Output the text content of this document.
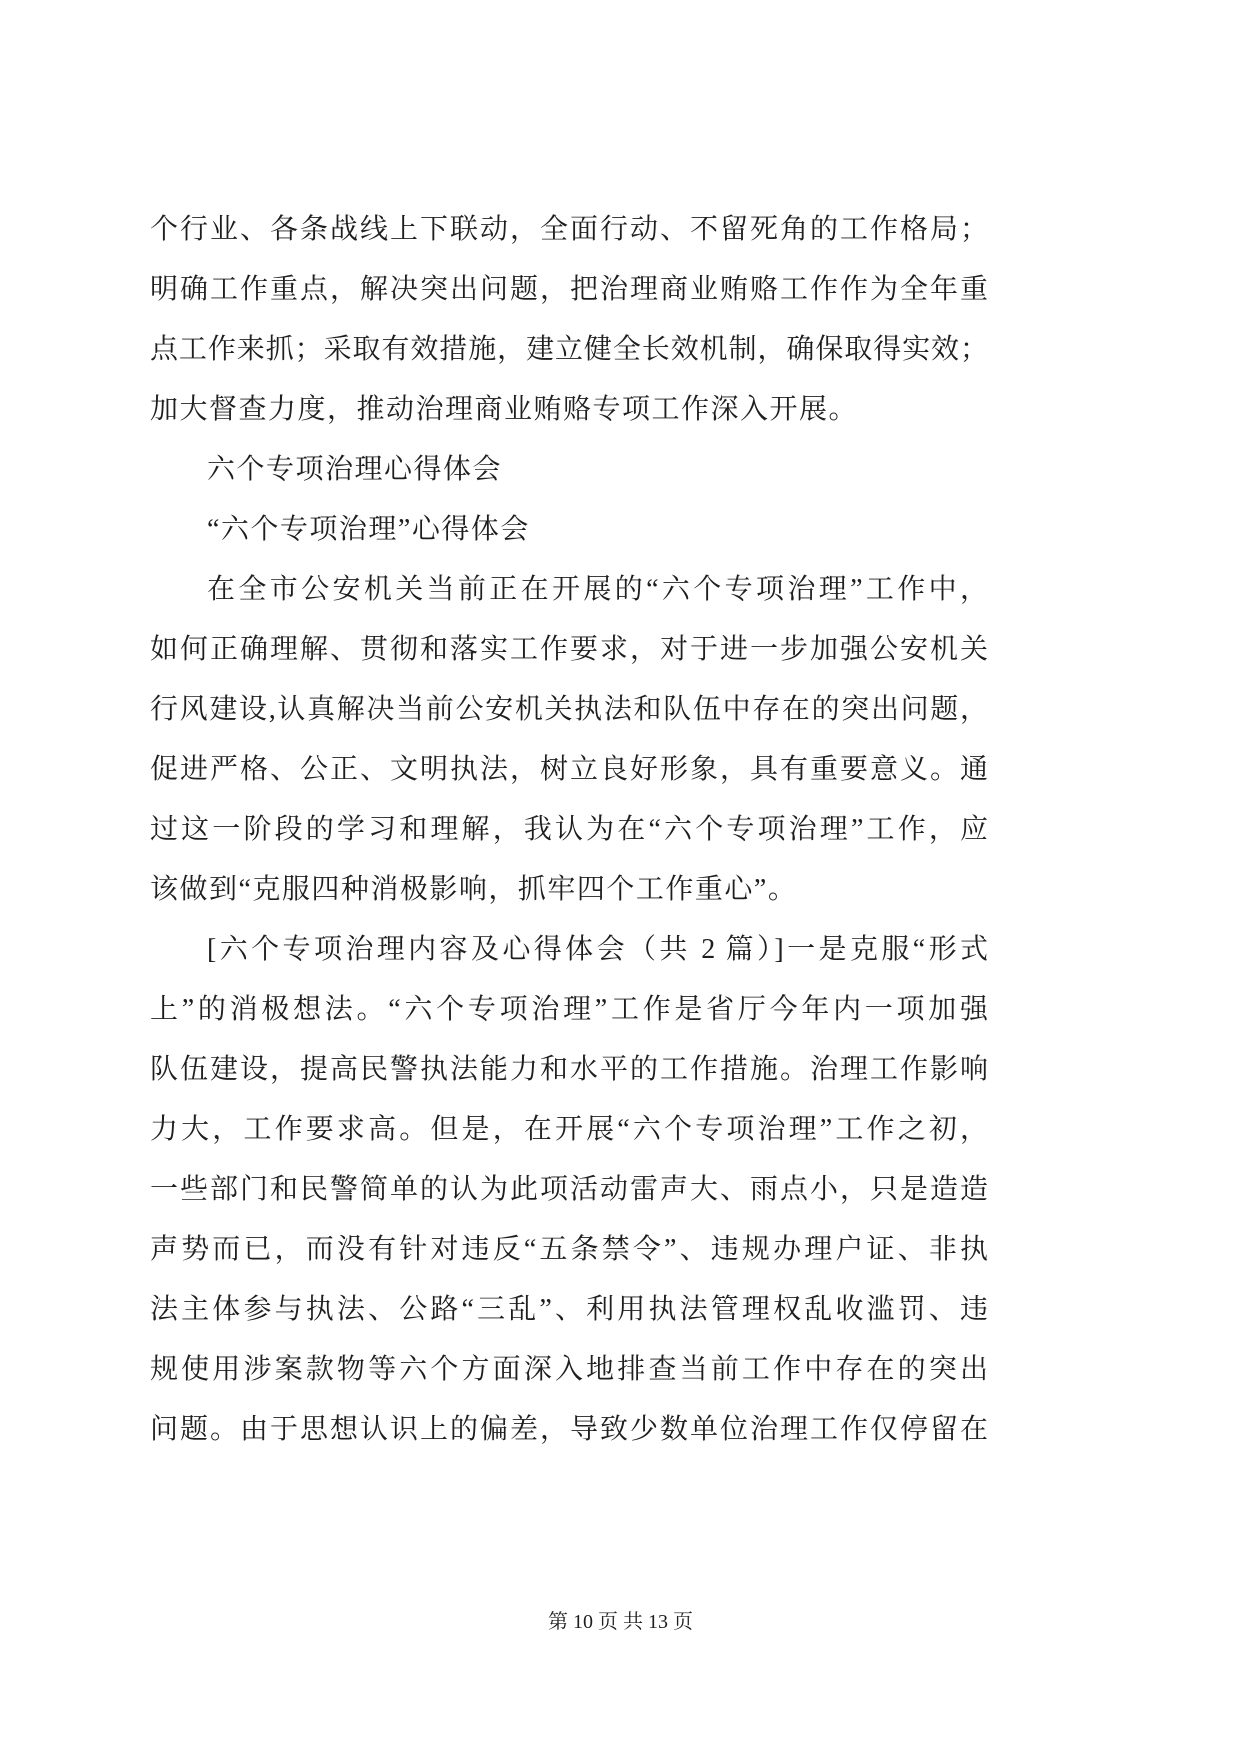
个行业、各条战线上下联动，全面行动、不留死角的工作格局；
明确工作重点，解决突出问题，把治理商业贿赂工作作为全年重
点工作来抓；采取有效措施，建立健全长效机制，确保取得实效；
加大督查力度，推动治理商业贿赂专项工作深入开展。
六个专项治理心得体会
“六个专项治理”心得体会
在全市公安机关当前正在开展的“六个专项治理”工作中，
如何正确理解、贯彻和落实工作要求，对于进一步加强公安机关
行风建设,认真解决当前公安机关执法和队伍中存在的突出问题，
促进严格、公正、文明执法，树立良好形象，具有重要意义。通
过这一阶段的学习和理解，我认为在“六个专项治理”工作，应
该做到“克服四种消极影响，抓牢四个工作重心”。
[六个专项治理内容及心得体会（共 2 篇）]一是克服“形式
上”的消极想法。“六个专项治理”工作是省厅今年内一项加强
队伍建设，提高民警执法能力和水平的工作措施。治理工作影响
力大，工作要求高。但是，在开展“六个专项治理”工作之初，
一些部门和民警简单的认为此项活动雷声大、雨点小，只是造造
声势而已，而没有针对违反“五条禁令”、违规办理户证、非执
法主体参与执法、公路“三乱”、利用执法管理权乱收滥罚、违
规使用涉案款物等六个方面深入地排查当前工作中存在的突出
问题。由于思想认识上的偏差，导致少数单位治理工作仅停留在
第 10 页 共 13 页
